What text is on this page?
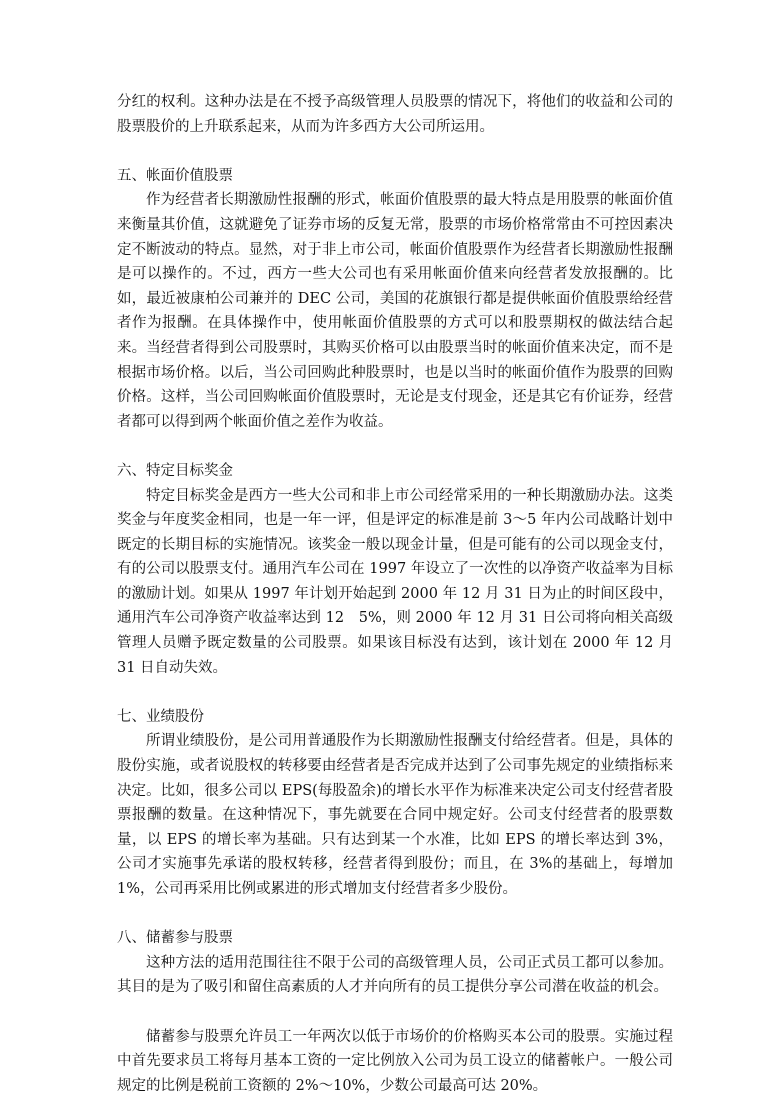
分红的权利。这种办法是在不授予高级管理人员股票的情况下，将他们的收益和公司的股票股价的上升联系起来，从而为许多西方大公司所运用。

五、帐面价值股票

作为经营者长期激励性报酬的形式，帐面价值股票的最大特点是用股票的帐面价值来衡量其价值，这就避免了证券市场的反复无常，股票的市场价格常常由不可控因素决定不断波动的特点。显然，对于非上市公司，帐面价值股票作为经营者长期激励性报酬是可以操作的。不过，西方一些大公司也有采用帐面价值来向经营者发放报酬的。比如，最近被康柏公司兼并的 DEC 公司，美国的花旗银行都是提供帐面价值股票给经营者作为报酬。在具体操作中，使用帐面价值股票的方式可以和股票期权的做法结合起来。当经营者得到公司股票时，其购买价格可以由股票当时的帐面价值来决定，而不是根据市场价格。以后，当公司回购此种股票时，也是以当时的帐面价值作为股票的回购价格。这样，当公司回购帐面价值股票时，无论是支付现金，还是其它有价证券，经营者都可以得到两个帐面价值之差作为收益。

六、特定目标奖金

特定目标奖金是西方一些大公司和非上市公司经常采用的一种长期激励办法。这类奖金与年度奖金相同，也是一年一评，但是评定的标准是前 3～5 年内公司战略计划中既定的长期目标的实施情况。该奖金一般以现金计量，但是可能有的公司以现金支付，有的公司以股票支付。通用汽车公司在 1997 年设立了一次性的以净资产收益率为目标的激励计划。如果从 1997 年计划开始起到 2000 年 12 月 31 日为止的时间区段中，通用汽车公司净资产收益率达到 12　5%，则 2000 年 12 月 31 日公司将向相关高级管理人员赠予既定数量的公司股票。如果该目标没有达到，该计划在 2000 年 12 月 31 日自动失效。

七、业绩股份

所谓业绩股份，是公司用普通股作为长期激励性报酬支付给经营者。但是，具体的股份实施，或者说股权的转移要由经营者是否完成并达到了公司事先规定的业绩指标来决定。比如，很多公司以 EPS(每股盈余)的增长水平作为标准来决定公司支付经营者股票报酬的数量。在这种情况下，事先就要在合同中规定好。公司支付经营者的股票数量，以 EPS 的增长率为基础。只有达到某一个水准，比如 EPS 的增长率达到 3%，公司才实施事先承诺的股权转移，经营者得到股份；而且，在 3%的基础上，每增加 1%，公司再采用比例或累进的形式增加支付经营者多少股份。

八、储蓄参与股票

这种方法的适用范围往往不限于公司的高级管理人员，公司正式员工都可以参加。其目的是为了吸引和留住高素质的人才并向所有的员工提供分享公司潜在收益的机会。

储蓄参与股票允许员工一年两次以低于市场价的价格购买本公司的股票。实施过程中首先要求员工将每月基本工资的一定比例放入公司为员工设立的储蓄帐户。一般公司规定的比例是税前工资额的 2%～10%，少数公司最高可达 20%。
